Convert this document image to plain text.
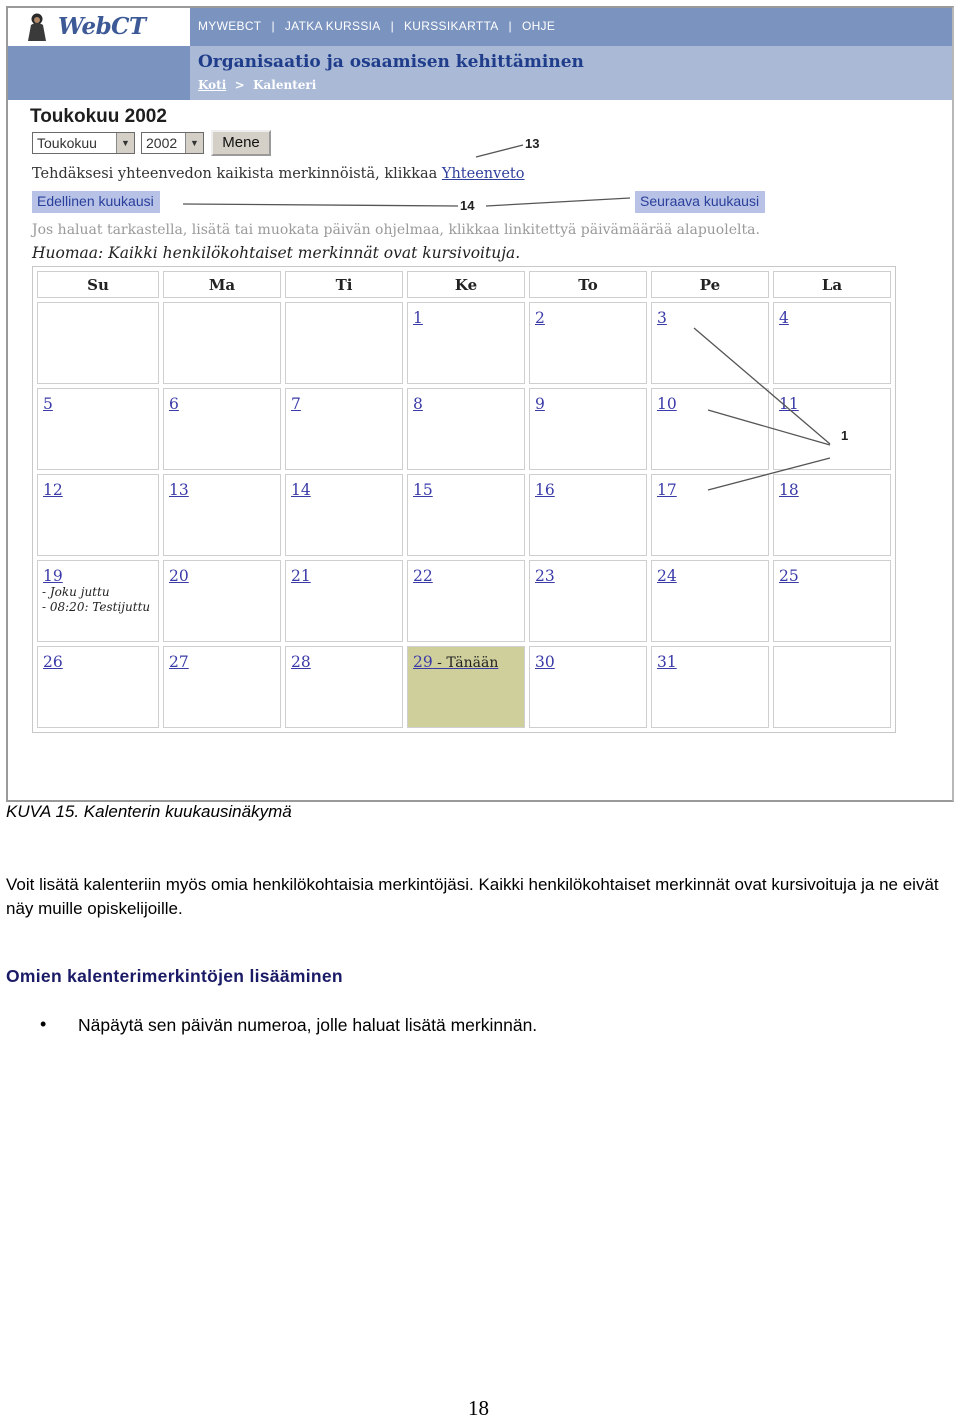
WebCT	MYWEBCT | JATKA KURSSIA | KURSSIKARTTA | OHJE
Organisaatio ja osaamisen kehittäminen
Koti  >  Kalenteri
Toukokuu 2002
Toukokuu	▼	2002	▼	Mene
Tehdäksesi yhteenvedon kaikista merkinnöistä, klikkaa Yhteenveto
Edellinen kuukausi	Seuraava kuukausi
Jos haluat tarkastella, lisätä tai muokata päivän ohjelmaa, klikkaa linkitettyä päivämäärää alapuolelta.
Huomaa: Kaikki henkilökohtaiset merkinnät ovat kursivoituja.
Su	Ma	Ti	Ke	To	Pe	La

			1	2	3	4

5	6	7	8	9	10	11

12	13	14	15	16	17	18

19
- Joku juttu
- 08:20: Testijuttu	20	21	22	23	24	25

26	27	28	29 - Tänään	30	31	

13
14
1
KUVA 15. Kalenterin kuukausinäkymä
Voit lisätä kalenteriin myös omia henkilökohtaisia merkintöjäsi. Kaikki henkilökohtaiset merkinnät ovat kursivoituja ja ne eivät näy muille opiskelijoille.
Omien kalenterimerkintöjen lisääminen
• Näpäytä sen päivän numeroa, jolle haluat lisätä merkinnän.
18
